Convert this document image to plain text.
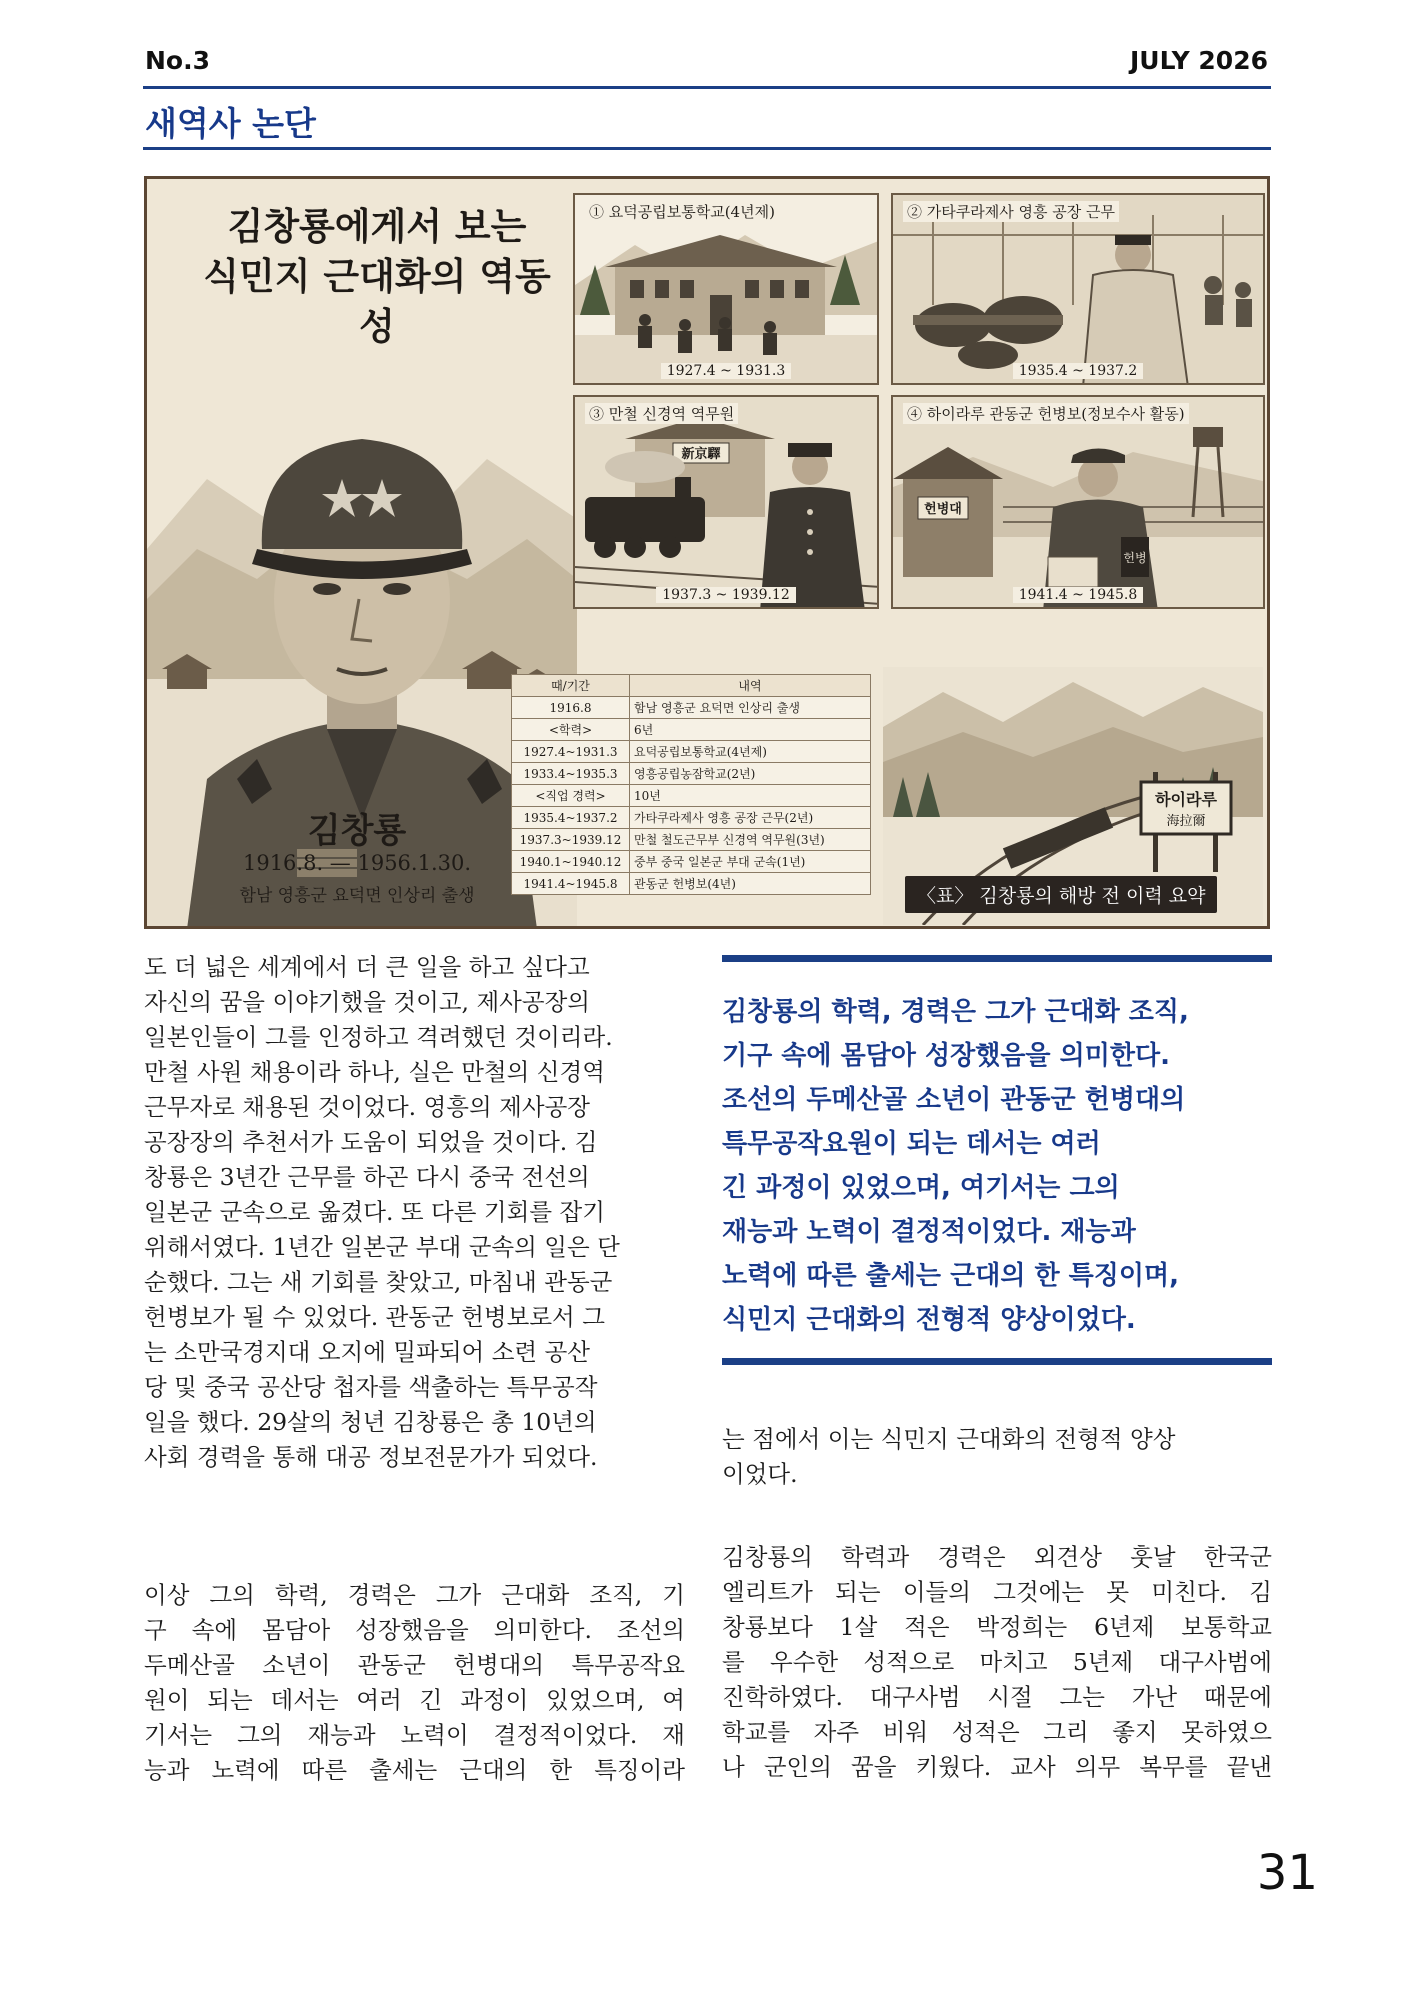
No.3	JULY 2026
새역사 논단
김창룡에게서 보는
식민지 근대화의 역동성
김창룡
1916.8. — 1956.1.30.
함남 영흥군 요덕면 인상리 출생
① 요덕공립보통학교(4년제)
1927.4 ~ 1931.3
② 가타쿠라제사 영흥 공장 근무
1935.4 ~ 1937.2
新京驛
③ 만철 신경역 역무원
1937.3 ~ 1939.12
헌병대
헌병
④ 하이라루 관동군 헌병보(정보수사 활동)
1941.4 ~ 1945.8
때/기간	내역
1916.8	함남 영흥군 요덕면 인상리 출생
<학력>	6년
1927.4~1931.3	요덕공립보통학교(4년제)
1933.4~1935.3	영흥공립농잠학교(2년)
<직업 경력>	10년
1935.4~1937.2	가타쿠라제사 영흥 공장 근무(2년)
1937.3~1939.12	만철 철도근무부 신경역 역무원(3년)
1940.1~1940.12	중부 중국 일본군 부대 군속(1년)
1941.4~1945.8	관동군 헌병보(4년)
하이라루
海拉爾
〈표〉 김창룡의 해방 전 이력 요약
도 더 넓은 세계에서 더 큰 일을 하고 싶다고
자신의 꿈을 이야기했을 것이고, 제사공장의
일본인들이 그를 인정하고 격려했던 것이리라.
만철 사원 채용이라 하나, 실은 만철의 신경역
근무자로 채용된 것이었다. 영흥의 제사공장
공장장의 추천서가 도움이 되었을 것이다. 김
창룡은 3년간 근무를 하곤 다시 중국 전선의
일본군 군속으로 옮겼다. 또 다른 기회를 잡기
위해서였다. 1년간 일본군 부대 군속의 일은 단
순했다. 그는 새 기회를 찾았고, 마침내 관동군
헌병보가 될 수 있었다. 관동군 헌병보로서 그
는 소만국경지대 오지에 밀파되어 소련 공산
당 및 중국 공산당 첩자를 색출하는 특무공작
일을 했다. 29살의 청년 김창룡은 총 10년의
사회 경력을 통해 대공 정보전문가가 되었다.
이상 그의 학력, 경력은 그가 근대화 조직, 기
구 속에 몸담아 성장했음을 의미한다. 조선의
두메산골 소년이 관동군 헌병대의 특무공작요
원이 되는 데서는 여러 긴 과정이 있었으며, 여
기서는 그의 재능과 노력이 결정적이었다. 재
능과 노력에 따른 출세는 근대의 한 특징이라
김창룡의 학력, 경력은 그가 근대화 조직,
기구 속에 몸담아 성장했음을 의미한다.
조선의 두메산골 소년이 관동군 헌병대의
특무공작요원이 되는 데서는 여러
긴 과정이 있었으며, 여기서는 그의
재능과 노력이 결정적이었다. 재능과
노력에 따른 출세는 근대의 한 특징이며,
식민지 근대화의 전형적 양상이었다.
는 점에서 이는 식민지 근대화의 전형적 양상
이었다.
김창룡의 학력과 경력은 외견상 훗날 한국군
엘리트가 되는 이들의 그것에는 못 미친다. 김
창룡보다 1살 적은 박정희는 6년제 보통학교
를 우수한 성적으로 마치고 5년제 대구사범에
진학하였다. 대구사범 시절 그는 가난 때문에
학교를 자주 비워 성적은 그리 좋지 못하였으
나 군인의 꿈을 키웠다. 교사 의무 복무를 끝낸
31
